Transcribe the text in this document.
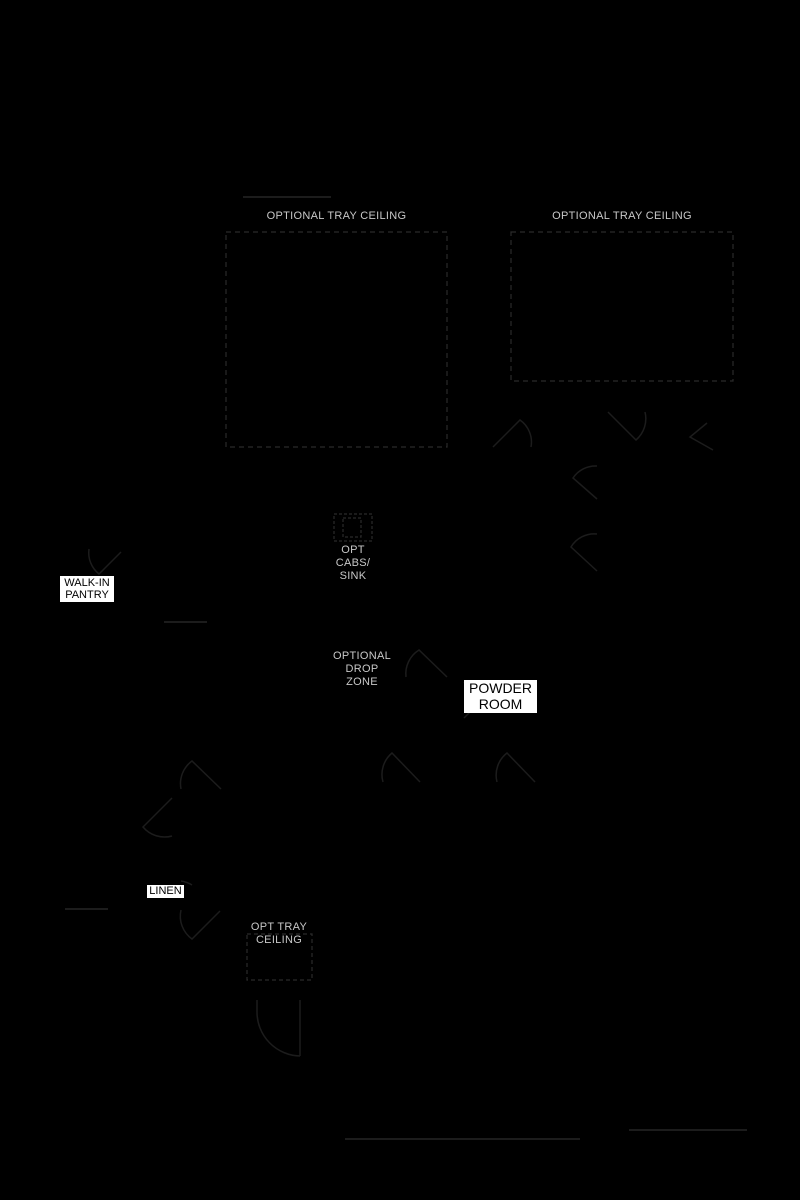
OPTIONAL TRAY CEILING	OPTIONAL TRAY CEILING
OPT
CABS/
SINK
WALK-IN
PANTRY
OPTIONAL
DROP
ZONE	POWDER
ROOM
LINEN
OPT TRAY
CEILING
